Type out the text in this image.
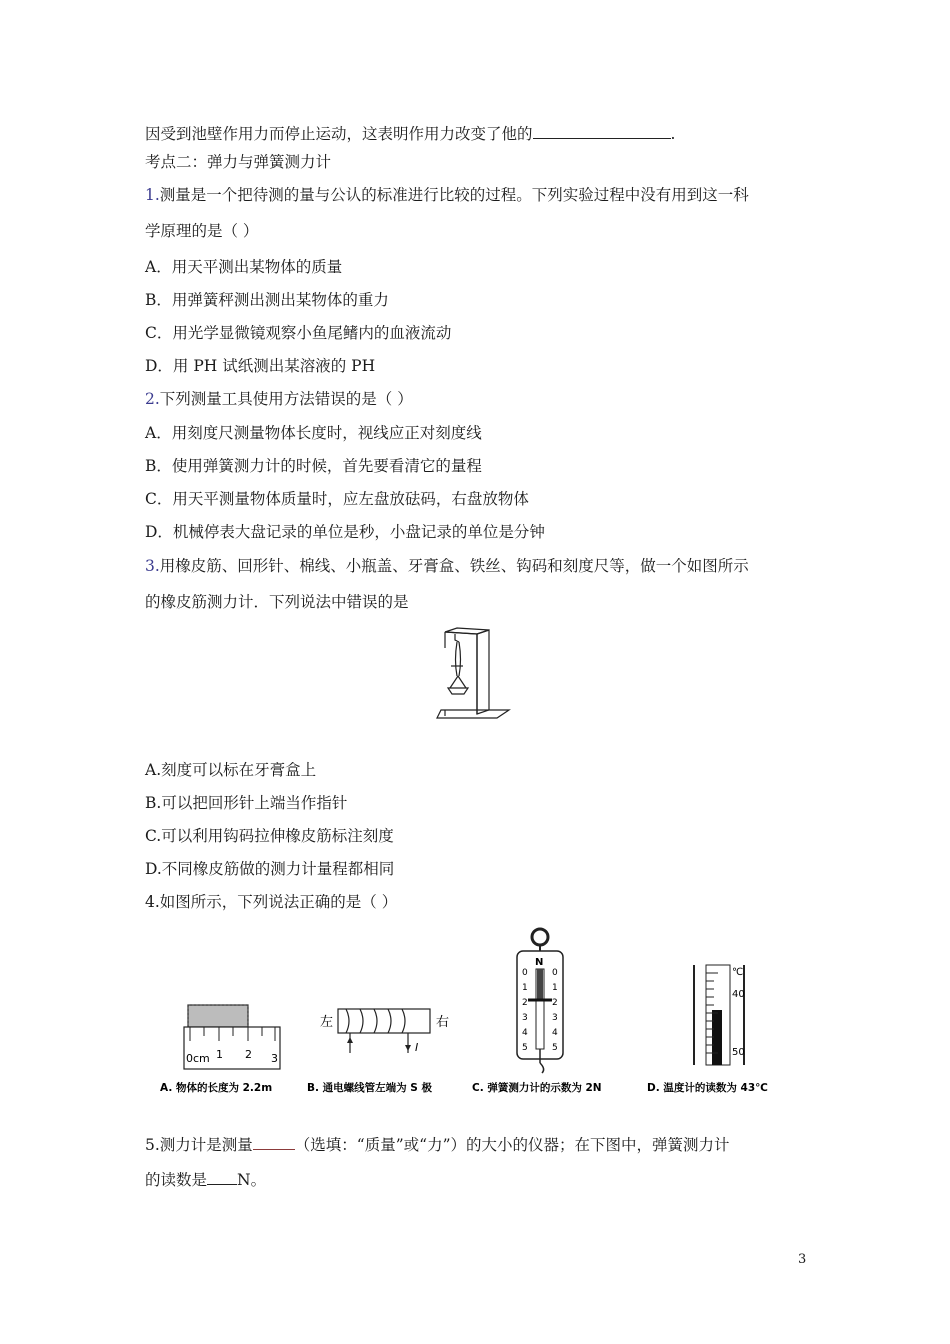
因受到池壁作用力而停止运动，这表明作用力改变了他的	.
考点二：弹力与弹簧测力计
1.测量是一个把待测的量与公认的标准进行比较的过程。下列实验过程中没有用到这一科
学原理的是（ ）
A．用天平测出某物体的质量
B．用弹簧秤测出测出某物体的重力
C．用光学显微镜观察小鱼尾鳍内的血液流动
D．用 PH 试纸测出某溶液的 PH
2.下列测量工具使用方法错误的是（ ）
A．用刻度尺测量物体长度时，视线应正对刻度线
B．使用弹簧测力计的时候，首先要看清它的量程
C．用天平测量物体质量时，应左盘放砝码，右盘放物体
D．机械停表大盘记录的单位是秒，小盘记录的单位是分钟
3.用橡皮筋、回形针、棉线、小瓶盖、牙膏盒、铁丝、钩码和刻度尺等，做一个如图所示
的橡皮筋测力计．下列说法中错误的是
A.刻度可以标在牙膏盒上
B.可以把回形针上端当作指针
C.可以利用钩码拉伸橡皮筋标注刻度
D.不同橡皮筋做的测力计量程都相同
4.如图所示，下列说法正确的是（ ）
0cm 1 2 3
左	右
I
N
0
1
2
3
4
5
0
1
2
3
4
5
℃
40
50
A. 物体的长度为 2.2m	B. 通电螺线管左端为 S 极	C. 弹簧测力计的示数为 2N	D. 温度计的读数为 43℃
5.测力计是测量	（选填：“质量”或“力”）的大小的仪器；在下图中，弹簧测力计
的读数是 N。
3
